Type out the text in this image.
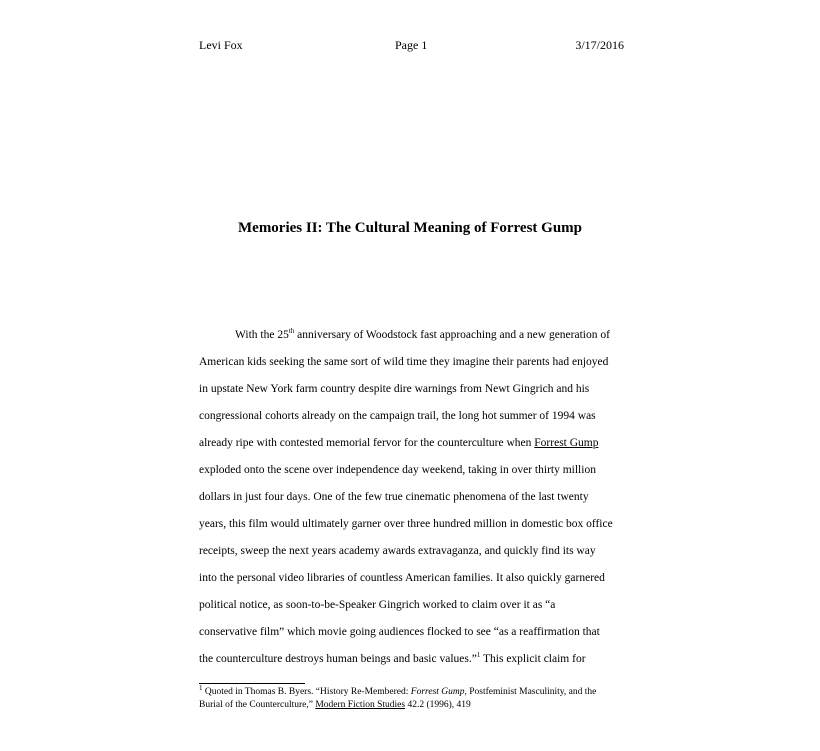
Levi Fox	Page 1	3/17/2016
Memories II: The Cultural Meaning of Forrest Gump
With the 25th anniversary of Woodstock fast approaching and a new generation of
American kids seeking the same sort of wild time they imagine their parents had enjoyed
in upstate New York farm country despite dire warnings from Newt Gingrich and his
congressional cohorts already on the campaign trail, the long hot summer of 1994 was
already ripe with contested memorial fervor for the counterculture when Forrest Gump
exploded onto the scene over independence day weekend, taking in over thirty million
dollars in just four days. One of the few true cinematic phenomena of the last twenty
years, this film would ultimately garner over three hundred million in domestic box office
receipts, sweep the next years academy awards extravaganza, and quickly find its way
into the personal video libraries of countless American families. It also quickly garnered
political notice, as soon-to-be-Speaker Gingrich worked to claim over it as “a
conservative film” which movie going audiences flocked to see “as a reaffirmation that
the counterculture destroys human beings and basic values.”$^1$ This explicit claim for
$^1$ Quoted in Thomas B. Byers. “History Re-Membered: Forrest Gump, Postfeminist Masculinity, and the
Burial of the Counterculture,” Modern Fiction Studies 42.2 (1996), 419
